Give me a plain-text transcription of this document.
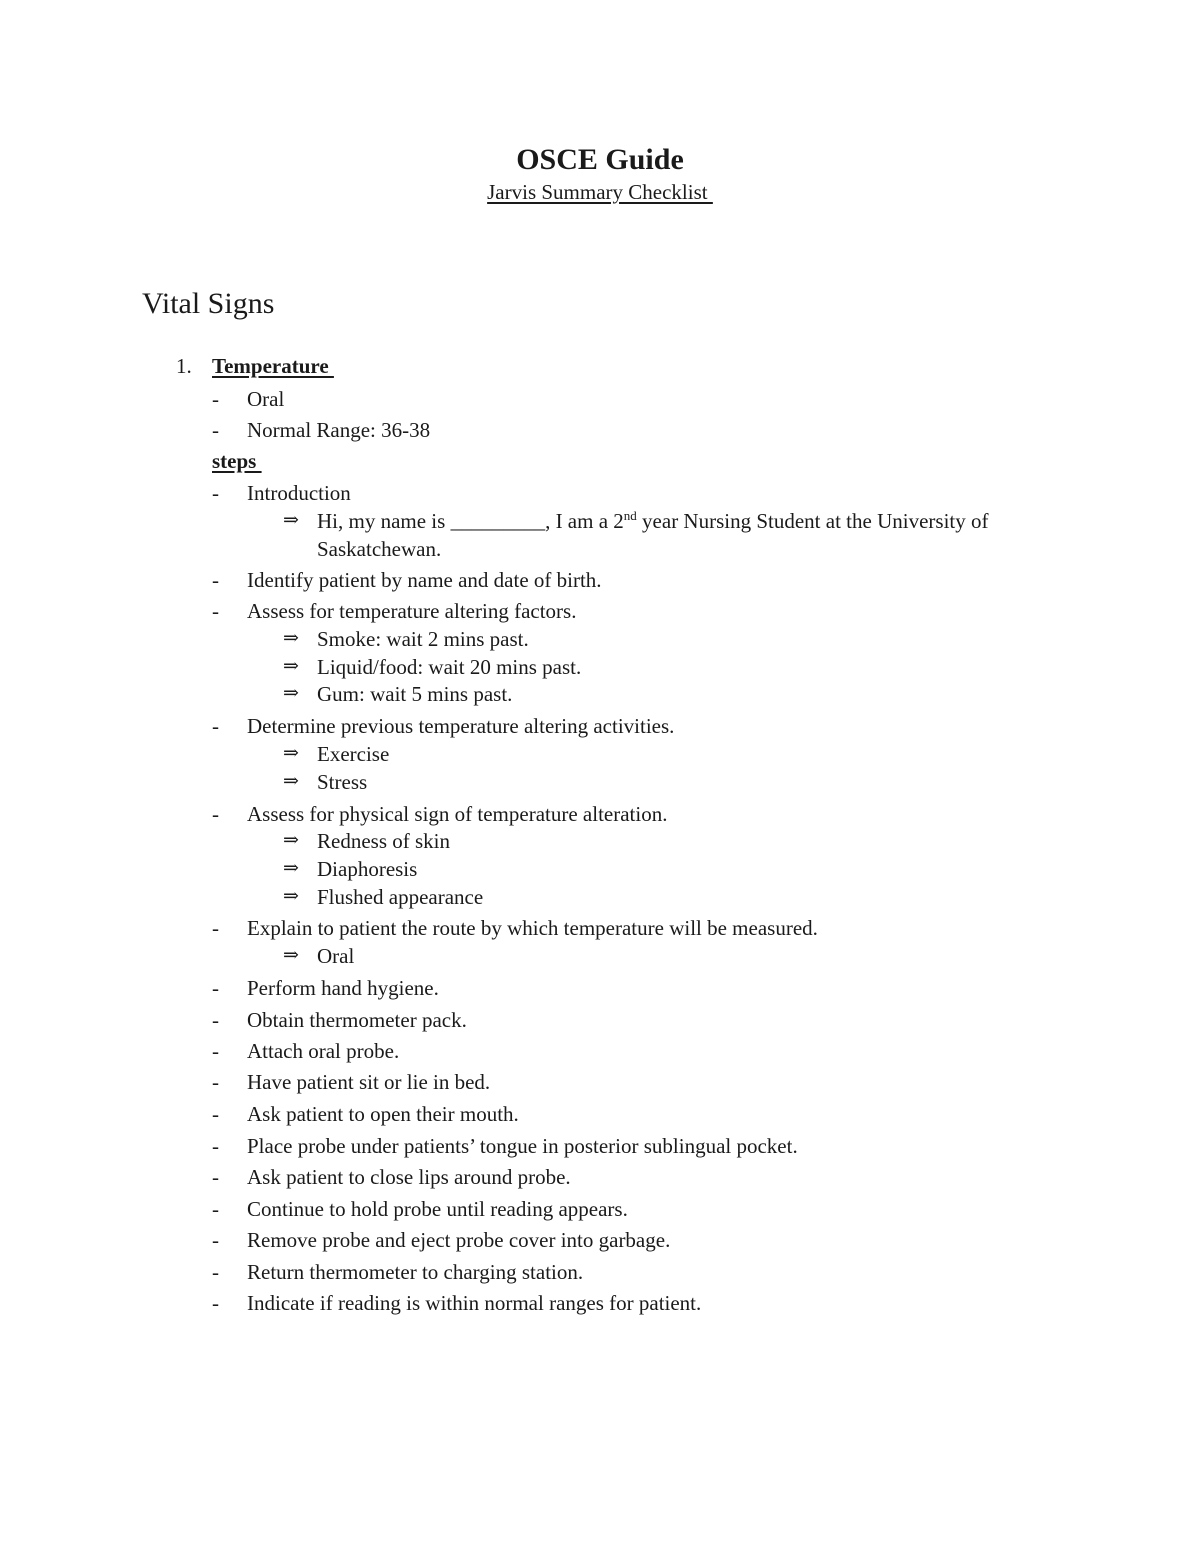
OSCE Guide
Jarvis Summary Checklist
Vital Signs
1. Temperature
- Oral
- Normal Range: 36-38
steps
- Introduction
⇒ Hi, my name is _________, I am a 2nd year Nursing Student at the University of
Saskatchewan.
- Identify patient by name and date of birth.
- Assess for temperature altering factors.
⇒ Smoke: wait 2 mins past.
⇒ Liquid/food: wait 20 mins past.
⇒ Gum: wait 5 mins past.
- Determine previous temperature altering activities.
⇒ Exercise
⇒ Stress
- Assess for physical sign of temperature alteration.
⇒ Redness of skin
⇒ Diaphoresis
⇒ Flushed appearance
- Explain to patient the route by which temperature will be measured.
⇒ Oral
- Perform hand hygiene.
- Obtain thermometer pack.
- Attach oral probe.
- Have patient sit or lie in bed.
- Ask patient to open their mouth.
- Place probe under patients’ tongue in posterior sublingual pocket.
- Ask patient to close lips around probe.
- Continue to hold probe until reading appears.
- Remove probe and eject probe cover into garbage.
- Return thermometer to charging station.
- Indicate if reading is within normal ranges for patient.
